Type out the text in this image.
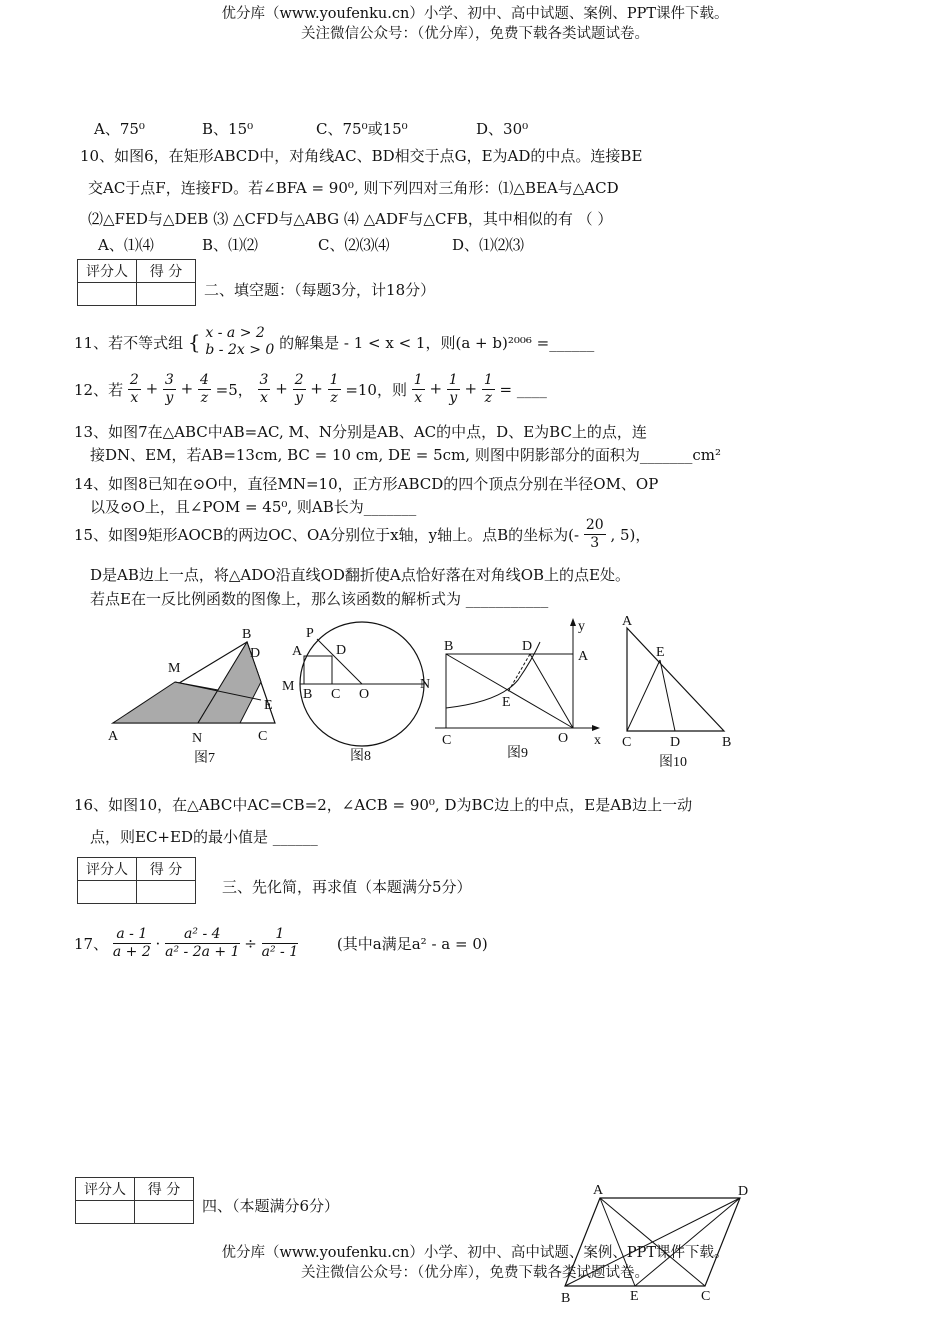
优分库（www.youfenku.cn）小学、初中、高中试题、案例、PPT课件下载。
关注微信公众号：（优分库），免费下载各类试题试卷。
A、75⁰	B、15⁰	C、75⁰或15⁰	D、30⁰
10、如图6，在矩形ABCD中，对角线AC、BD相交于点G，E为AD的中点。连接BE
交AC于点F，连接FD。若∠BFA = 90⁰, 则下列四对三角形：⑴△BEA与△ACD
⑵△FED与△DEB ⑶ △CFD与△ABG ⑷ △ADF与△CFB，其中相似的有 （ ）
A、⑴⑷	B、⑴⑵	C、⑵⑶⑷	D、⑴⑵⑶
评分人	得 分

二、填空题：（每题3分，计18分）
11、若不等式组 { x - a > 2
b - 2x > 0 的解集是 - 1 < x < 1，则(a + b)²⁰⁰⁶ =______
12、若 $\frac{2}{x} + \frac{3}{y} + \frac{4}{z} =5$， $\frac{3}{x} + \frac{2}{y} + \frac{1}{z} =10$，则 $\frac{1}{x} + \frac{1}{y} + \frac{1}{z}$ = ____
13、如图7在△ABC中AB=AC, M、N分别是AB、AC的中点，D、E为BC上的点，连
接DN、EM，若AB=13cm, BC = 10 cm, DE = 5cm, 则图中阴影部分的面积为_______cm²
14、如图8已知在⊙O中，直径MN=10，正方形ABCD的四个顶点分别在半径OM、OP
以及⊙O上，且∠POM = 45⁰, 则AB长为_______
15、如图9矩形AOCB的两边OC、OA分别位于x轴，y轴上。点B的坐标为(- $\frac{20}{3}$ , 5)，
D是AB边上一点，将△ADO沿直线OD翻折使A点恰好落在对角线OB上的点E处。
若点E在一反比例函数的图像上，那么该函数的解析式为 ___________
B
D
M
E
A	N	C
图7
P
A D
M
B C O
N
图8
y
B	D
A
E
C	O x
图9
A
E
C	D	B
图10
16、如图10，在△ABC中AC=CB=2，∠ACB = 90⁰, D为BC边上的中点，E是AB边上一动
点，则EC+ED的最小值是 ______
评分人	得 分

三、先化简，再求值（本题满分5分）
17、 $\frac{a - 1}{a + 2} \cdot \frac{\text{a² - 4}}{\text{a² - 2a + 1}} \div \frac{1}{\text{a² - 1}}$	(其中a满足a² - a = 0)
评分人	得 分

四、（本题满分6分）
A	D
B	E	C
优分库（www.youfenku.cn）小学、初中、高中试题、案例、PPT课件下载。
关注微信公众号：（优分库），免费下载各类试题试卷。
